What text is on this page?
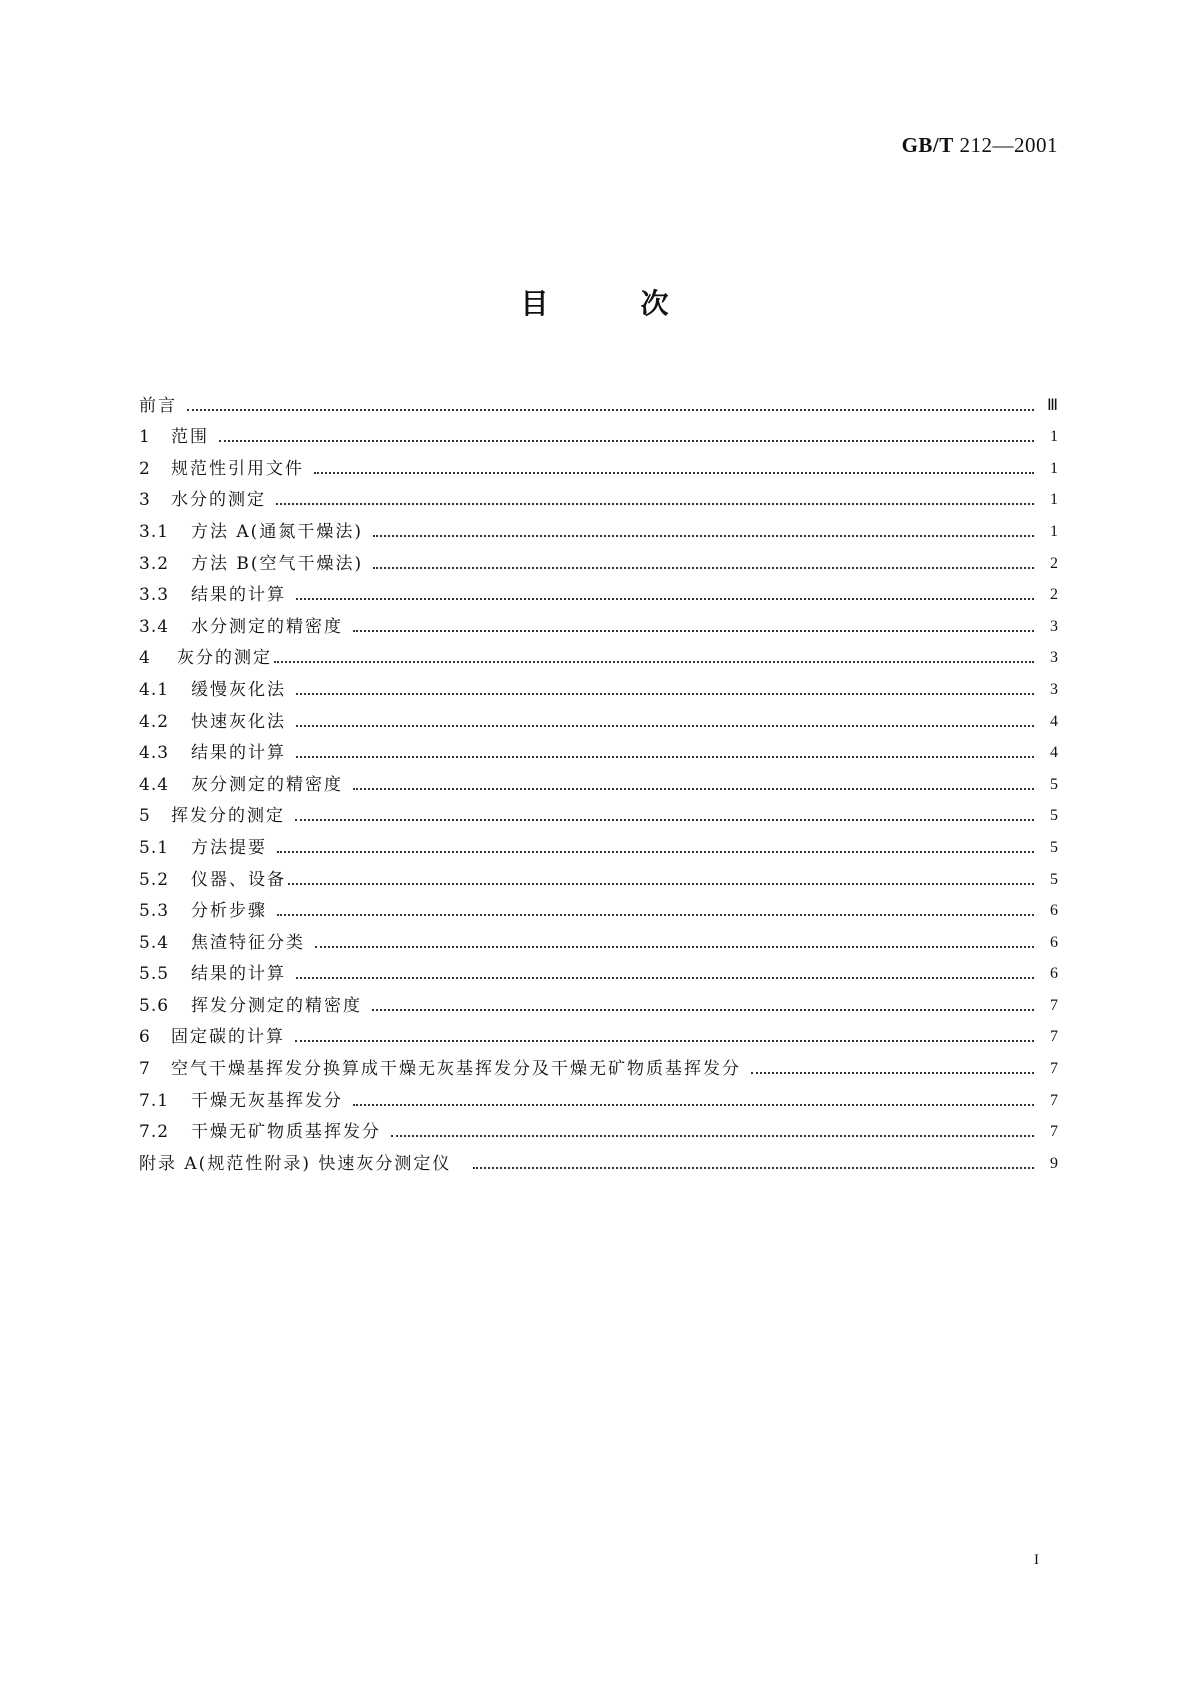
GB/T 212—2001
目	次
前言	Ⅲ
1	范围	1
2	规范性引用文件	1
3	水分的测定	1
3.1	方法 A(通氮干燥法)	1
3.2	方法 B(空气干燥法)	2
3.3	结果的计算	2
3.4	水分测定的精密度	3
4	灰分的测定	3
4.1	缓慢灰化法	3
4.2	快速灰化法	4
4.3	结果的计算	4
4.4	灰分测定的精密度	5
5	挥发分的测定	5
5.1	方法提要	5
5.2	仪器、设备	5
5.3	分析步骤	6
5.4	焦渣特征分类	6
5.5	结果的计算	6
5.6	挥发分测定的精密度	7
6	固定碳的计算	7
7	空气干燥基挥发分换算成干燥无灰基挥发分及干燥无矿物质基挥发分	7
7.1	干燥无灰基挥发分	7
7.2	干燥无矿物质基挥发分	7
附录 A(规范性附录) 快速灰分测定仪	9
I
